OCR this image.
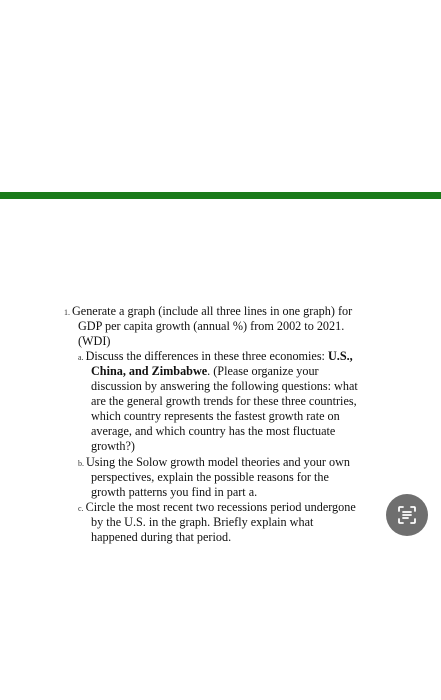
1. Generate a graph (include all three lines in one graph) for
GDP per capita growth (annual %) from 2002 to 2021.
(WDI)
a. Discuss the differences in these three economies: U.S.,
China, and Zimbabwe. (Please organize your
discussion by answering the following questions: what
are the general growth trends for these three countries,
which country represents the fastest growth rate on
average, and which country has the most fluctuate
growth?)
b. Using the Solow growth model theories and your own
perspectives, explain the possible reasons for the
growth patterns you find in part a.
c. Circle the most recent two recessions period undergone
by the U.S. in the graph. Briefly explain what
happened during that period.
